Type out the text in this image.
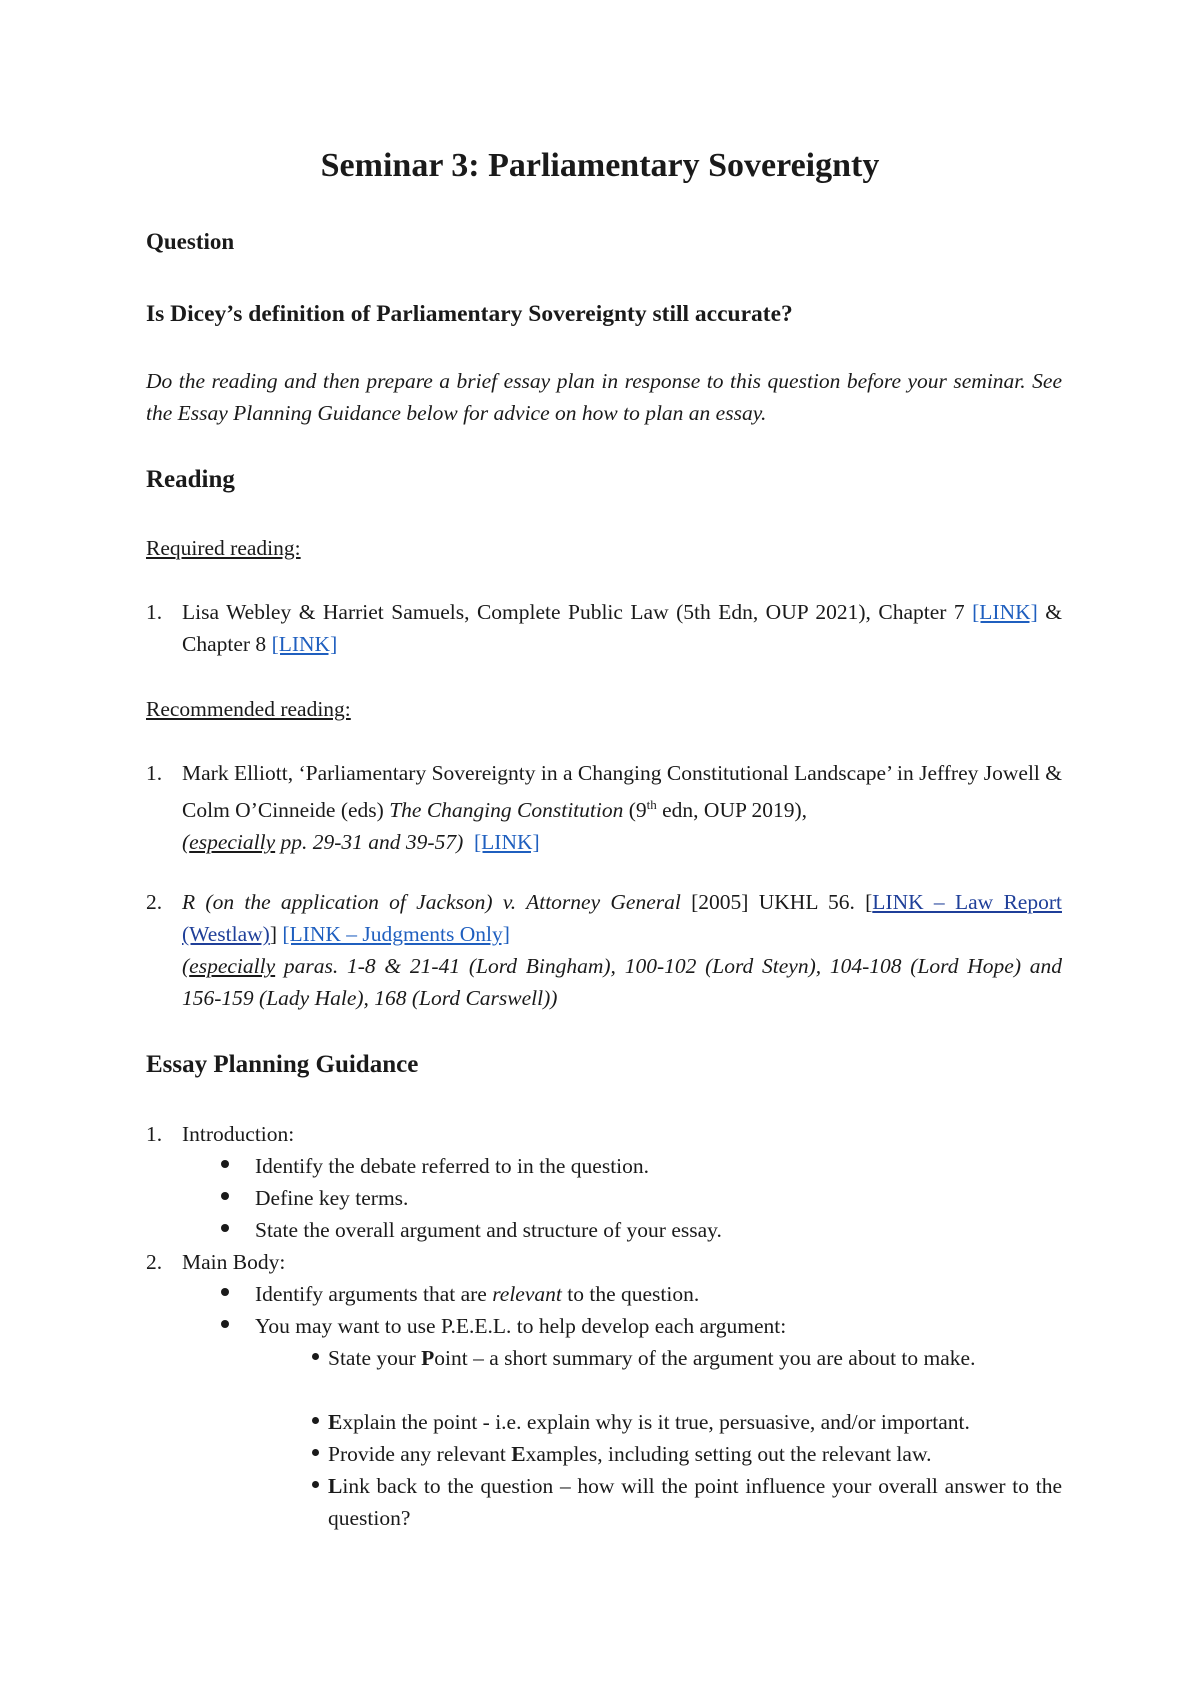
Seminar 3: Parliamentary Sovereignty
Question
Is Dicey’s definition of Parliamentary Sovereignty still accurate?
Do the reading and then prepare a brief essay plan in response to this question before your seminar. See the Essay Planning Guidance below for advice on how to plan an essay.
Reading
Required reading:
1. Lisa Webley & Harriet Samuels, Complete Public Law (5th Edn, OUP 2021), Chapter 7 [LINK] & Chapter 8 [LINK]
Recommended reading:
1. Mark Elliott, ‘Parliamentary Sovereignty in a Changing Constitutional Landscape’ in Jeffrey Jowell & Colm O’Cinneide (eds) The Changing Constitution (9th edn, OUP 2019),
(especially pp. 29-31 and 39-57) [LINK]
2. R (on the application of Jackson) v. Attorney General [2005] UKHL 56. [LINK – Law Report (Westlaw)] [LINK – Judgments Only]
(especially paras. 1-8 & 21-41 (Lord Bingham), 100-102 (Lord Steyn), 104-108 (Lord Hope) and 156-159 (Lady Hale), 168 (Lord Carswell))
Essay Planning Guidance
1. Introduction:
Identify the debate referred to in the question.
Define key terms.
State the overall argument and structure of your essay.
2. Main Body:
Identify arguments that are relevant to the question.
You may want to use P.E.E.L. to help develop each argument:
State your Point – a short summary of the argument you are about to make.
Explain the point - i.e. explain why is it true, persuasive, and/or important.
Provide any relevant Examples, including setting out the relevant law.
Link back to the question – how will the point influence your overall answer to the question?
